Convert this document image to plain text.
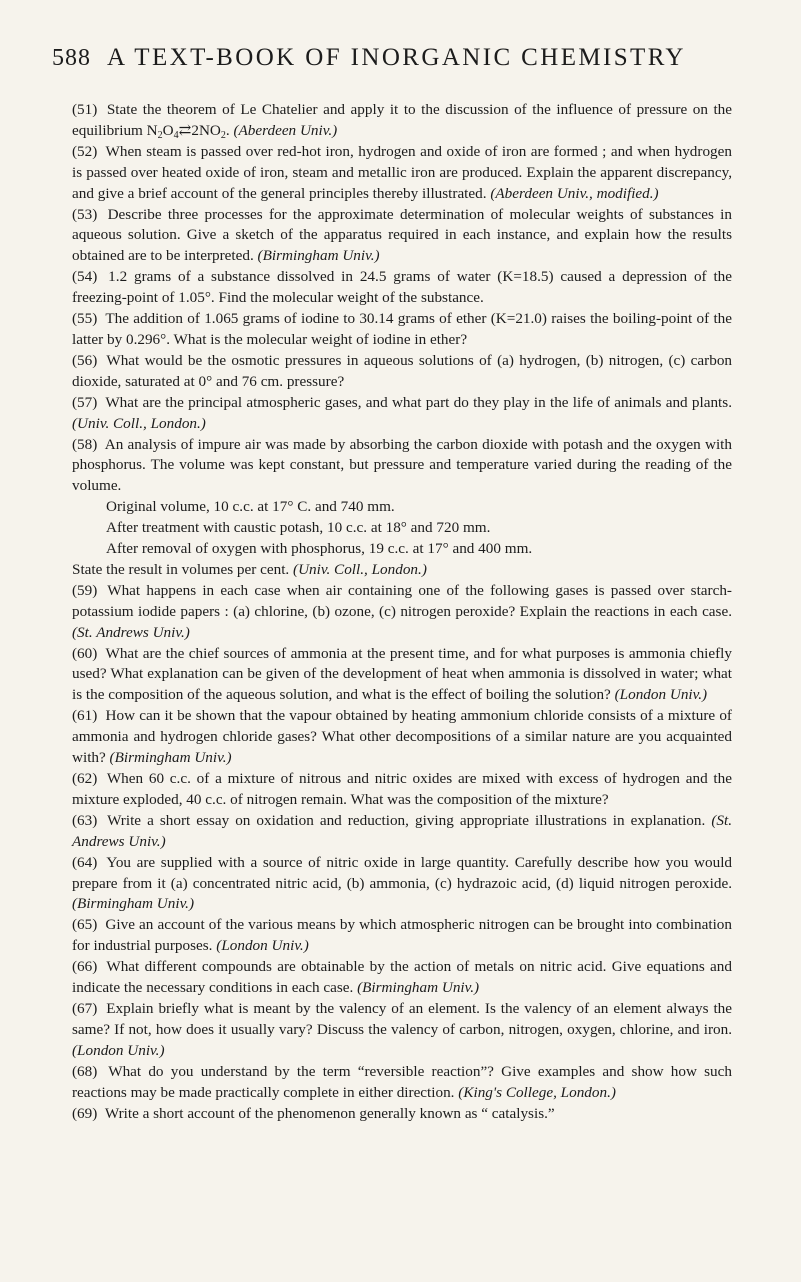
588 A TEXT-BOOK OF INORGANIC CHEMISTRY

(51) State the theorem of Le Chatelier and apply it to the discussion of the influence of pressure on the equilibrium $N_2O_4⇄2NO_2$. (Aberdeen Univ.)

(52) When steam is passed over red-hot iron, hydrogen and oxide of iron are formed ; and when hydrogen is passed over heated oxide of iron, steam and metallic iron are produced. Explain the apparent discrepancy, and give a brief account of the general principles thereby illustrated. (Aberdeen Univ., modified.)

(53) Describe three processes for the approximate determination of molecular weights of substances in aqueous solution. Give a sketch of the apparatus required in each instance, and explain how the results obtained are to be interpreted. (Birmingham Univ.)

(54) 1.2 grams of a substance dissolved in 24.5 grams of water (K=18.5) caused a depression of the freezing-point of 1.05°. Find the molecular weight of the substance.

(55) The addition of 1.065 grams of iodine to 30.14 grams of ether (K=21.0) raises the boiling-point of the latter by 0.296°. What is the molecular weight of iodine in ether?

(56) What would be the osmotic pressures in aqueous solutions of (a) hydrogen, (b) nitrogen, (c) carbon dioxide, saturated at 0° and 76 cm. pressure?

(57) What are the principal atmospheric gases, and what part do they play in the life of animals and plants. (Univ. Coll., London.)

(58) An analysis of impure air was made by absorbing the carbon dioxide with potash and the oxygen with phosphorus. The volume was kept constant, but pressure and temperature varied during the reading of the volume.

Original volume, 10 c.c. at 17° C. and 740 mm.

After treatment with caustic potash, 10 c.c. at 18° and 720 mm.

After removal of oxygen with phosphorus, 19 c.c. at 17° and 400 mm.

State the result in volumes per cent. (Univ. Coll., London.)

(59) What happens in each case when air containing one of the following gases is passed over starch-potassium iodide papers : (a) chlorine, (b) ozone, (c) nitrogen peroxide? Explain the reactions in each case. (St. Andrews Univ.)

(60) What are the chief sources of ammonia at the present time, and for what purposes is ammonia chiefly used? What explanation can be given of the development of heat when ammonia is dissolved in water; what is the composition of the aqueous solution, and what is the effect of boiling the solution? (London Univ.)

(61) How can it be shown that the vapour obtained by heating ammonium chloride consists of a mixture of ammonia and hydrogen chloride gases? What other decompositions of a similar nature are you acquainted with? (Birmingham Univ.)

(62) When 60 c.c. of a mixture of nitrous and nitric oxides are mixed with excess of hydrogen and the mixture exploded, 40 c.c. of nitrogen remain. What was the composition of the mixture?

(63) Write a short essay on oxidation and reduction, giving appropriate illustrations in explanation. (St. Andrews Univ.)

(64) You are supplied with a source of nitric oxide in large quantity. Carefully describe how you would prepare from it (a) concentrated nitric acid, (b) ammonia, (c) hydrazoic acid, (d) liquid nitrogen peroxide. (Birmingham Univ.)

(65) Give an account of the various means by which atmospheric nitrogen can be brought into combination for industrial purposes. (London Univ.)

(66) What different compounds are obtainable by the action of metals on nitric acid. Give equations and indicate the necessary conditions in each case. (Birmingham Univ.)

(67) Explain briefly what is meant by the valency of an element. Is the valency of an element always the same? If not, how does it usually vary? Discuss the valency of carbon, nitrogen, oxygen, chlorine, and iron. (London Univ.)

(68) What do you understand by the term “reversible reaction”? Give examples and show how such reactions may be made practically complete in either direction. (King's College, London.)

(69) Write a short account of the phenomenon generally known as “ catalysis.”
